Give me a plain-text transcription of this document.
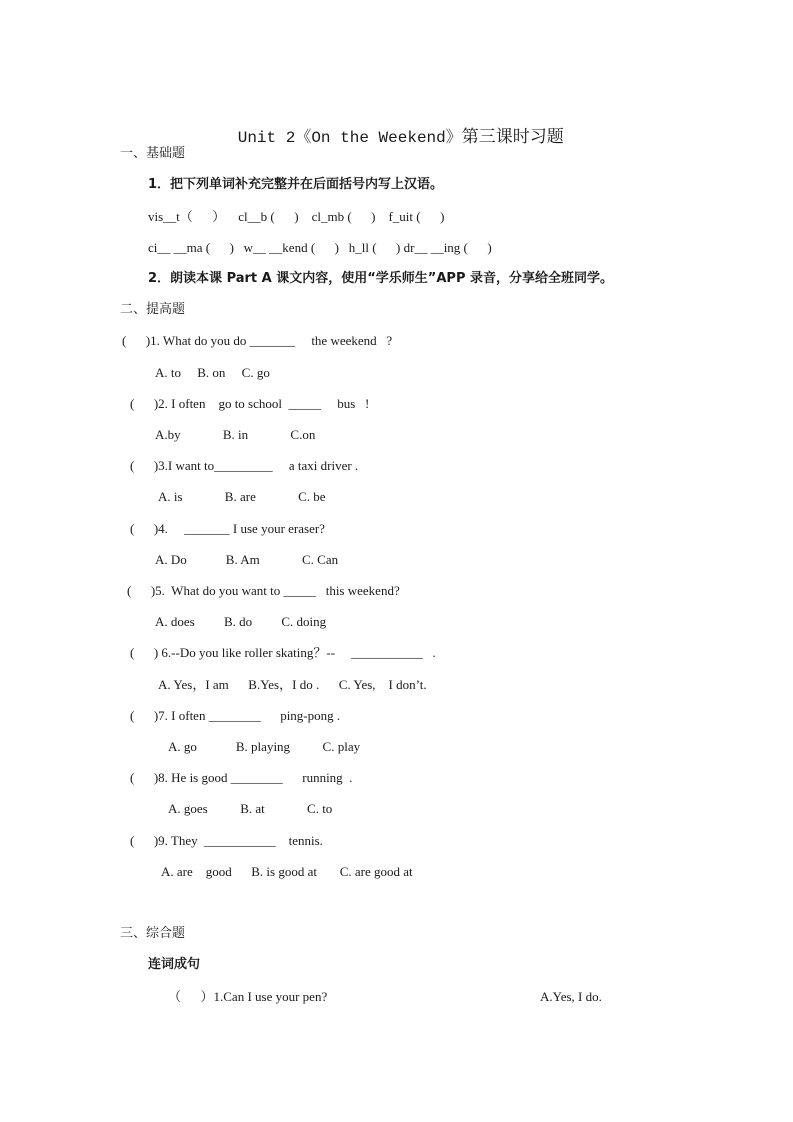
Unit 2《On the Weekend》第三课时习题

一、基础题
1．把下列单词补充完整并在后面括号内写上汉语。
vis__t（      ）    cl__b (      )    cl_mb (      )    f_uit (      )
ci__ __ma (      )   w__ __kend (      )   h_ll (      ) dr__ __ing (      )
2．朗读本课 Part A 课文内容，使用“学乐师生”APP 录音，分享给全班同学。
二、提高题
(      )1. What do you do _______     the weekend   ?
A. to     B. on     C. go
(      )2. I often    go to school  _____     bus   !
A.by             B. in             C.on
(      )3.I want to_________     a taxi driver .
A. is             B. are             C. be
(      )4.     _______ I use your eraser?
A. Do            B. Am             C. Can
(      )5.  What do you want to _____   this weekend?
A. does         B. do         C. doing
(      ) 6.--Do you like roller skating？--     ___________   .
A. Yes，I am      B.Yes，I do .      C. Yes,    I don’t.
(      )7. I often ________      ping-pong .
A. go            B. playing          C. play
(      )8. He is good ________      running  .
A. goes          B. at             C. to
(      )9. They  ___________    tennis.
A. are    good      B. is good at       C. are good at
三、综合题
连词成句
（      ）1.Can I use your pen?	A.Yes, I do.
